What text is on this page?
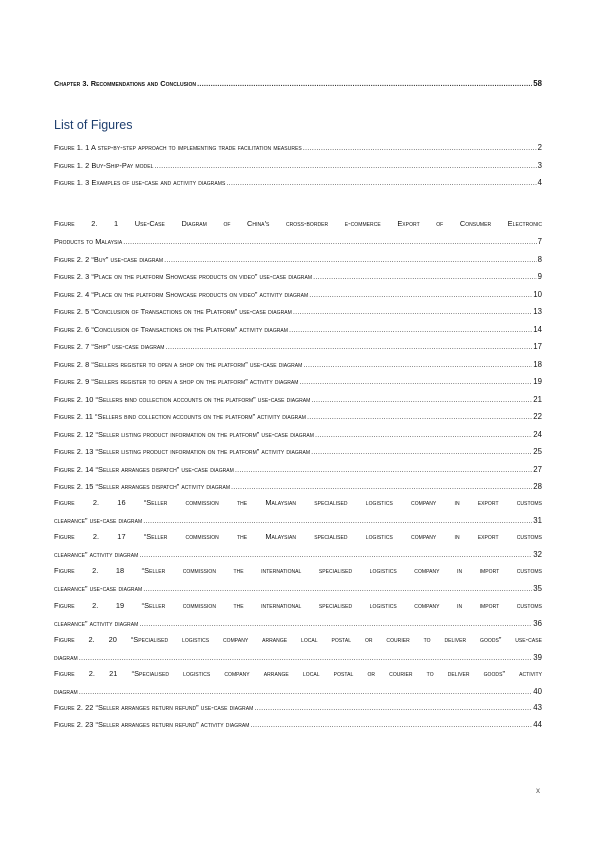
Chapter 3. Recommendations and Conclusion .....	58
List of Figures
Figure 1. 1 A step-by-step approach to implementing trade facilitation measures .....	2
Figure 1. 2 Buy-Ship-Pay model .....	3
Figure 1. 3 Examples of use-case and activity diagrams .....	4
Figure 2. 1 Use-Case Diagram of China's cross-border e-commerce Export of Consumer Electronic
Products to Malaysia .....	7
Figure 2. 2 “Buy” use-case diagram .....	8
Figure 2. 3 “Place on the platform Showcase products on video” use-case diagram .....	9
Figure 2. 4 “Place on the platform Showcase products on video” activity diagram .....	10
Figure 2. 5 “Conclusion of Transactions on the Platform” use-case diagram .....	13
Figure 2. 6 “Conclusion of Transactions on the Platform” activity diagram .....	14
Figure 2. 7 “Ship” use-case diagram .....	17
Figure 2. 8 “Sellers register to open a shop on the platform” use-case diagram .....	18
Figure 2. 9 “Sellers register to open a shop on the platform” activity diagram .....	19
Figure 2. 10 “Sellers bind collection accounts on the platform” use-case diagram .....	21
Figure 2. 11 “Sellers bind collection accounts on the platform” activity diagram .....	22
Figure 2. 12 “Seller listing product information on the platform” use-case diagram .....	24
Figure 2. 13 “Seller listing product information on the platform” activity diagram .....	25
Figure 2. 14 “Seller arranges dispatch” use-case diagram .....	27
Figure 2. 15 “Seller arranges dispatch” activity diagram .....	28
Figure 2. 16 “Seller commission the Malaysian specialised logistics company in export customs
clearance” use-case diagram .....	31
Figure 2. 17 “Seller commission the Malaysian specialised logistics company in export customs
clearance” activity diagram .....	32
Figure 2. 18 “Seller commission the international specialised logistics company in import customs
clearance” use-case diagram .....	35
Figure 2. 19 “Seller commission the international specialised logistics company in import customs
clearance” activity diagram .....	36
Figure 2. 20 “Specialised logistics company arrange local postal or courier to deliver goods” use-case
diagram .....	39
Figure 2. 21 “Specialised logistics company arrange local postal or courier to deliver goods” activity
diagram .....	40
Figure 2. 22 “Seller arranges return refund” use-case diagram .....	43
Figure 2. 23 “Seller arranges return refund” activity diagram .....	44
x
